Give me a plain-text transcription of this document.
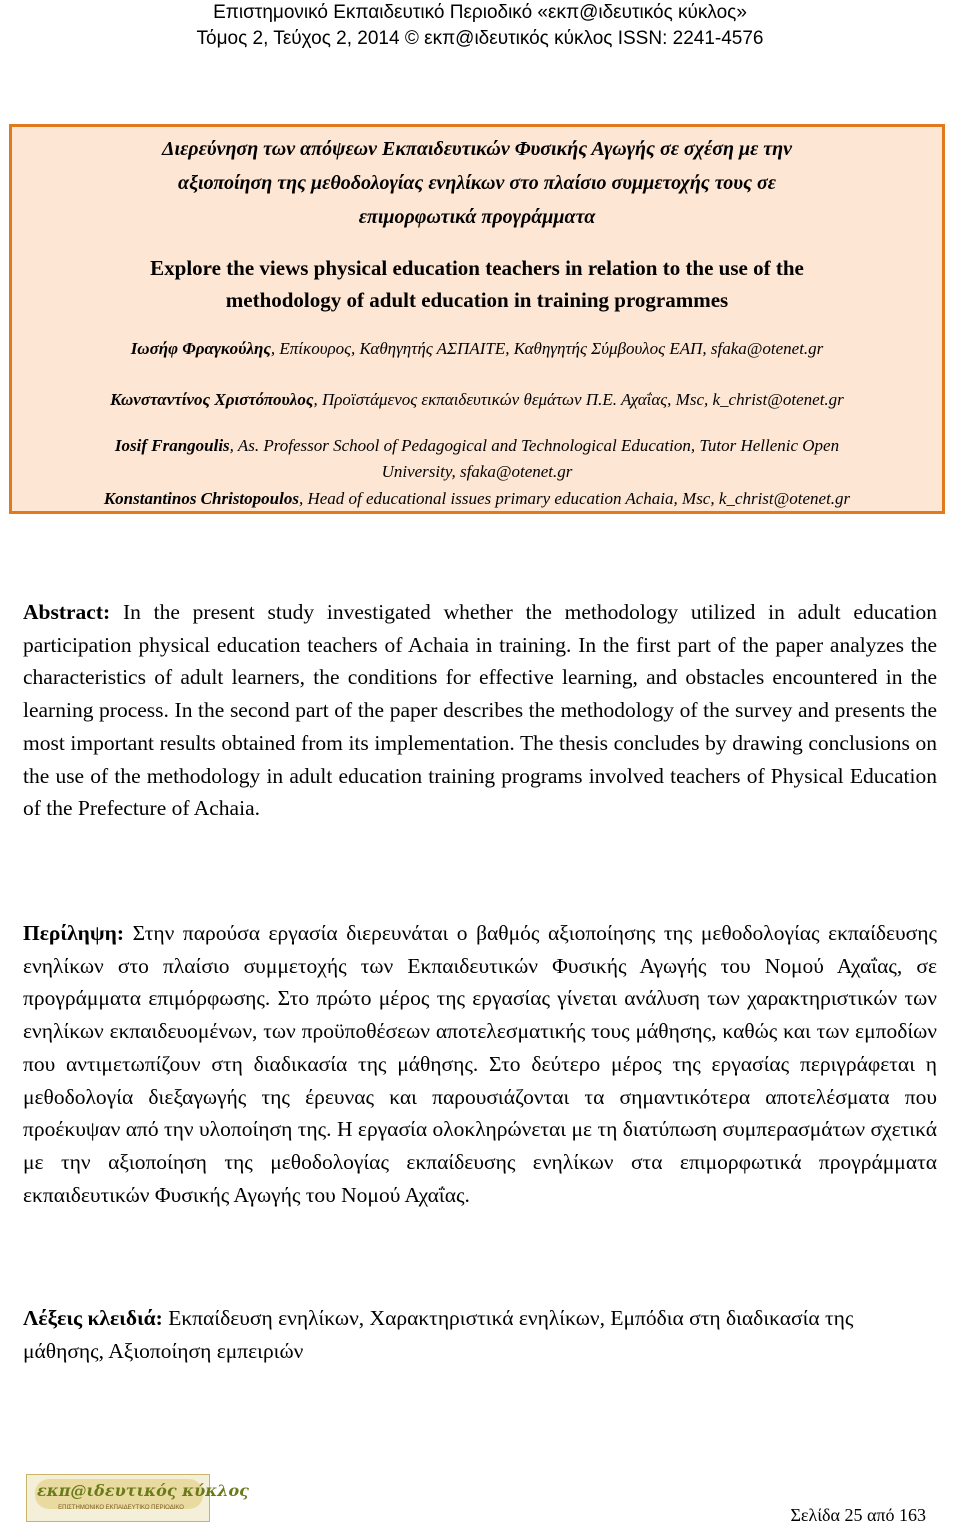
Επιστημονικό Εκπαιδευτικό Περιοδικό «εκπ@ιδευτικός κύκλος»
Τόμος 2, Τεύχος 2, 2014 © εκπ@ιδευτικός κύκλος ISSN: 2241-4576
Διερεύνηση των απόψεων Εκπαιδευτικών Φυσικής Αγωγής σε σχέση με την
αξιοποίηση της μεθοδολογίας ενηλίκων στο πλαίσιο συμμετοχής τους σε
επιμορφωτικά προγράμματα
Explore the views physical education teachers in relation to the use of the
methodology of adult education in training programmes
Ιωσήφ Φραγκούλης, Επίκουρος, Καθηγητής ΑΣΠΑΙΤΕ, Καθηγητής Σύμβουλος ΕΑΠ, sfaka@otenet.gr
Κωνσταντίνος Χριστόπουλος, Προϊστάμενος εκπαιδευτικών θεμάτων Π.Ε. Αχαΐας, Msc, k_christ@otenet.gr
Iosif Frangoulis, As. Professor School of Pedagogical and Technological Education, Tutor Hellenic Open
University, sfaka@otenet.gr
Konstantinos Christopoulos, Head of educational issues primary education Achaia, Msc, k_christ@otenet.gr
Abstract: In the present study investigated whether the methodology utilized in adult education participation physical education teachers of Achaia in training. In the first part of the paper analyzes the characteristics of adult learners, the conditions for effective learning, and obstacles encountered in the learning process. In the second part of the paper describes the methodology of the survey and presents the most important results obtained from its implementation. The thesis concludes by drawing conclusions on the use of the methodology in adult education training programs involved teachers of Physical Education of the Prefecture of Achaia.
Περίληψη: Στην παρούσα εργασία διερευνάται ο βαθμός αξιοποίησης της μεθοδολογίας εκπαίδευσης ενηλίκων στο πλαίσιο συμμετοχής των Εκπαιδευτικών Φυσικής Αγωγής του Νομού Αχαΐας, σε προγράμματα επιμόρφωσης. Στο πρώτο μέρος της εργασίας γίνεται ανάλυση των χαρακτηριστικών των ενηλίκων εκπαιδευομένων, των προϋποθέσεων αποτελεσματικής τους μάθησης, καθώς και των εμποδίων που αντιμετωπίζουν στη διαδικασία της μάθησης. Στο δεύτερο μέρος της εργασίας περιγράφεται η μεθοδολογία διεξαγωγής της έρευνας και παρουσιάζονται τα σημαντικότερα αποτελέσματα που προέκυψαν από την υλοποίηση της. Η εργασία ολοκληρώνεται με τη διατύπωση συμπερασμάτων σχετικά με την αξιοποίηση της μεθοδολογίας εκπαίδευσης ενηλίκων στα επιμορφωτικά προγράμματα εκπαιδευτικών Φυσικής Αγωγής του Νομού Αχαΐας.
Λέξεις κλειδιά: Εκπαίδευση ενηλίκων, Χαρακτηριστικά ενηλίκων, Εμπόδια στη διαδικασία της μάθησης, Αξιοποίηση εμπειριών
εκπ@ιδευτικός κύκλος
ΕΠΙΣΤΗΜΟΝΙΚΟ ΕΚΠΑΙΔΕΥΤΙΚΟ ΠΕΡΙΟΔΙΚΟ	Σελίδα 25 από 163
